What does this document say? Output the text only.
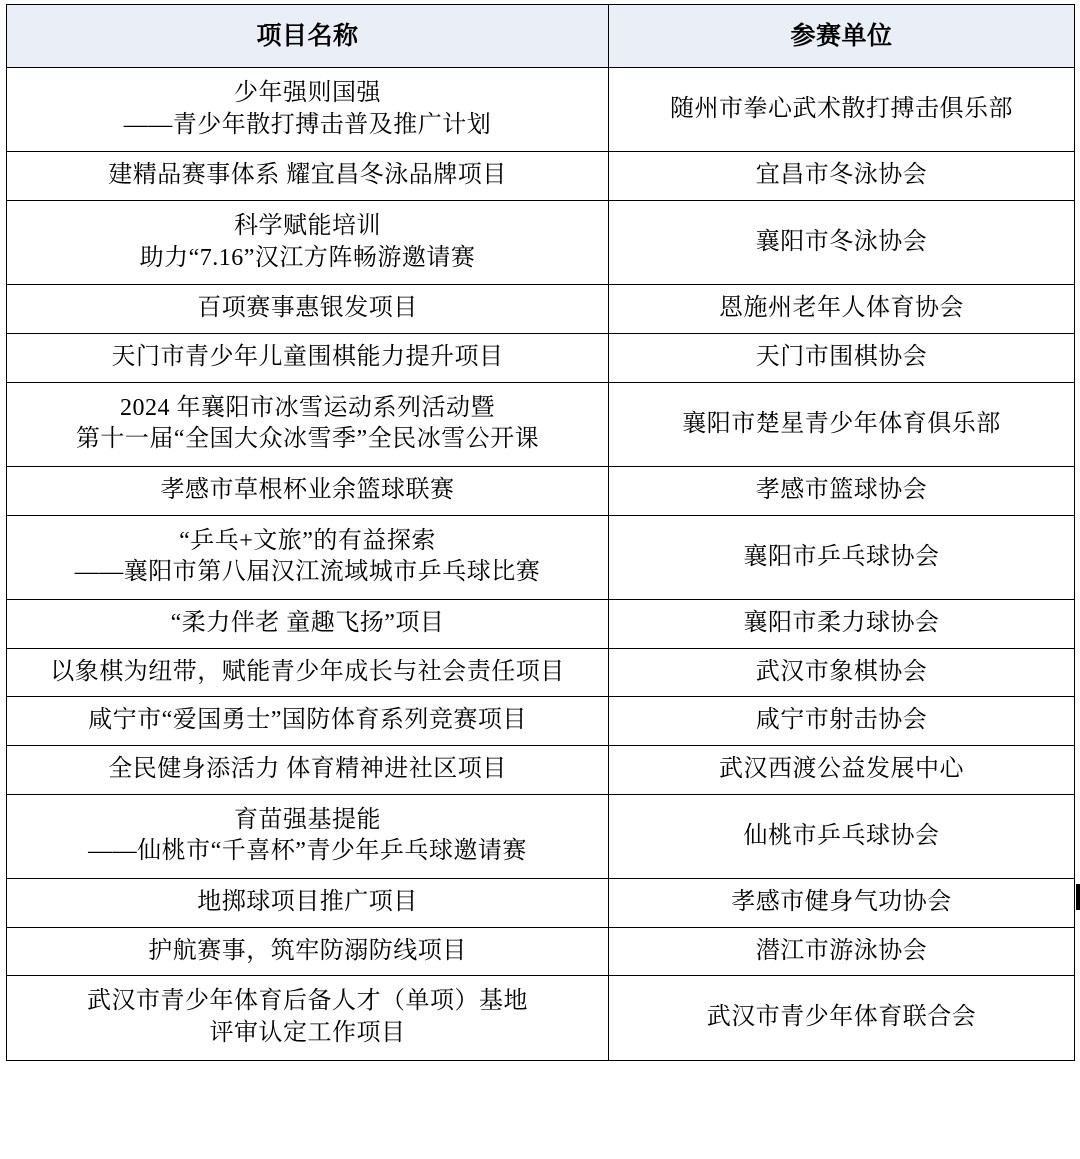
项目名称	参赛单位

少年强则国强
——青少年散打搏击普及推广计划	随州市拳心武术散打搏击俱乐部

建精品赛事体系 耀宜昌冬泳品牌项目	宜昌市冬泳协会

科学赋能培训
助力“7.16”汉江方阵畅游邀请赛	襄阳市冬泳协会

百项赛事惠银发项目	恩施州老年人体育协会

天门市青少年儿童围棋能力提升项目	天门市围棋协会

2024 年襄阳市冰雪运动系列活动暨
第十一届“全国大众冰雪季”全民冰雪公开课	襄阳市楚星青少年体育俱乐部

孝感市草根杯业余篮球联赛	孝感市篮球协会

“乒乓+文旅”的有益探索
——襄阳市第八届汉江流域城市乒乓球比赛	襄阳市乒乓球协会

“柔力伴老 童趣飞扬”项目	襄阳市柔力球协会

以象棋为纽带，赋能青少年成长与社会责任项目	武汉市象棋协会

咸宁市“爱国勇士”国防体育系列竞赛项目	咸宁市射击协会

全民健身添活力 体育精神进社区项目	武汉西渡公益发展中心

育苗强基提能
——仙桃市“千喜杯”青少年乒乓球邀请赛	仙桃市乒乓球协会

地掷球项目推广项目	孝感市健身气功协会

护航赛事，筑牢防溺防线项目	潜江市游泳协会

武汉市青少年体育后备人才（单项）基地
评审认定工作项目	武汉市青少年体育联合会
